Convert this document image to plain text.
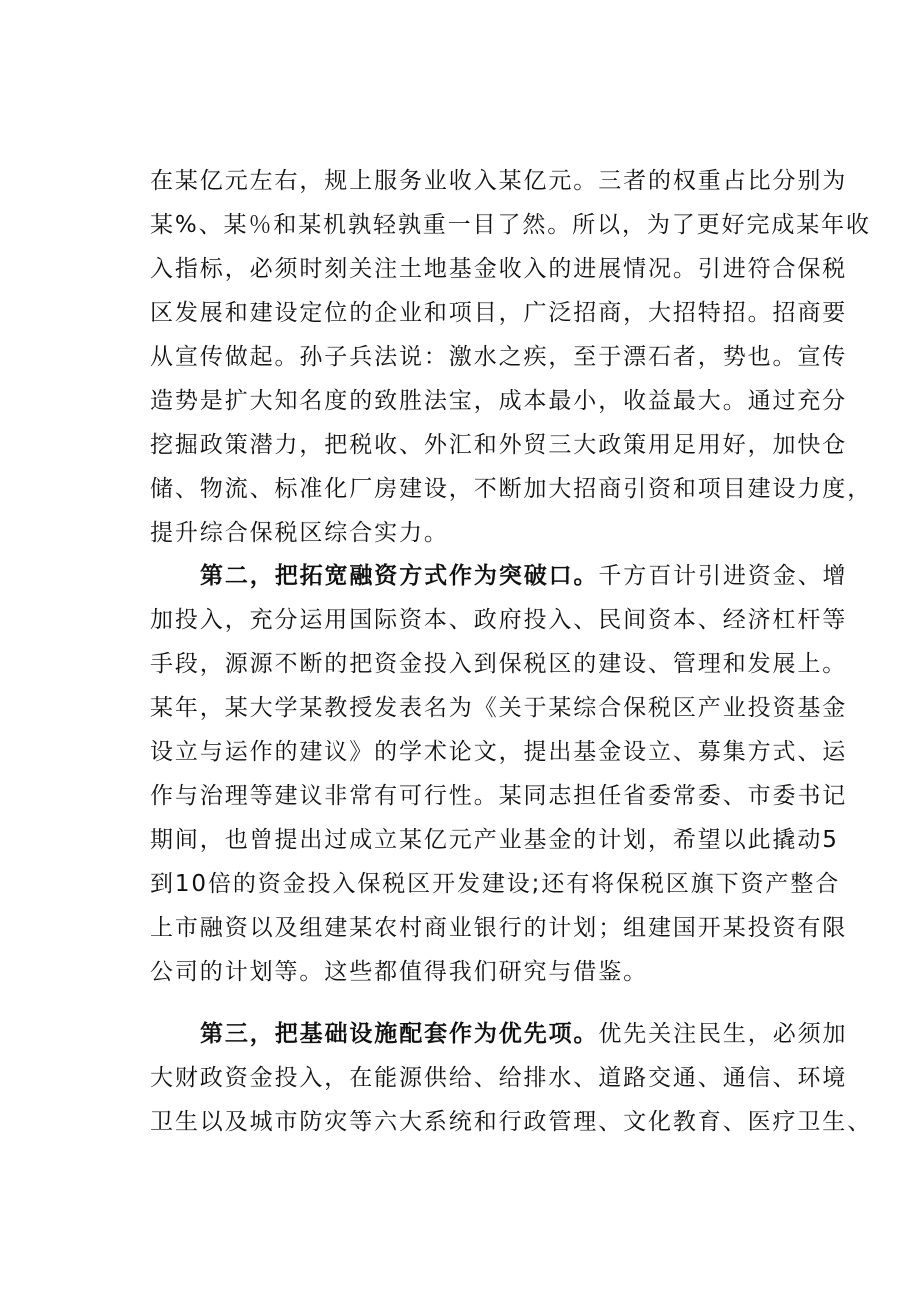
在某亿元左右，规上服务业收入某亿元。三者的权重占比分别为
某%、某％和某机孰轻孰重一目了然。所以，为了更好完成某年收
入指标，必须时刻关注土地基金收入的进展情况。引进符合保税
区发展和建设定位的企业和项目，广泛招商，大招特招。招商要
从宣传做起。孙子兵法说：激水之疾，至于漂石者，势也。宣传
造势是扩大知名度的致胜法宝，成本最小，收益最大。通过充分
挖掘政策潜力，把税收、外汇和外贸三大政策用足用好，加快仓
储、物流、标准化厂房建设，不断加大招商引资和项目建设力度，
提升综合保税区综合实力。
第二，把拓宽融资方式作为突破口。千方百计引进资金、增
加投入，充分运用国际资本、政府投入、民间资本、经济杠杆等
手段，源源不断的把资金投入到保税区的建设、管理和发展上。
某年，某大学某教授发表名为《关于某综合保税区产业投资基金
设立与运作的建议》的学术论文，提出基金设立、募集方式、运
作与治理等建议非常有可行性。某同志担任省委常委、市委书记
期间，也曾提出过成立某亿元产业基金的计划，希望以此撬动5
到10倍的资金投入保税区开发建设;还有将保税区旗下资产整合
上市融资以及组建某农村商业银行的计划；组建国开某投资有限
公司的计划等。这些都值得我们研究与借鉴。
第三，把基础设施配套作为优先项。优先关注民生，必须加
大财政资金投入，在能源供给、给排水、道路交通、通信、环境
卫生以及城市防灾等六大系统和行政管理、文化教育、医疗卫生、
